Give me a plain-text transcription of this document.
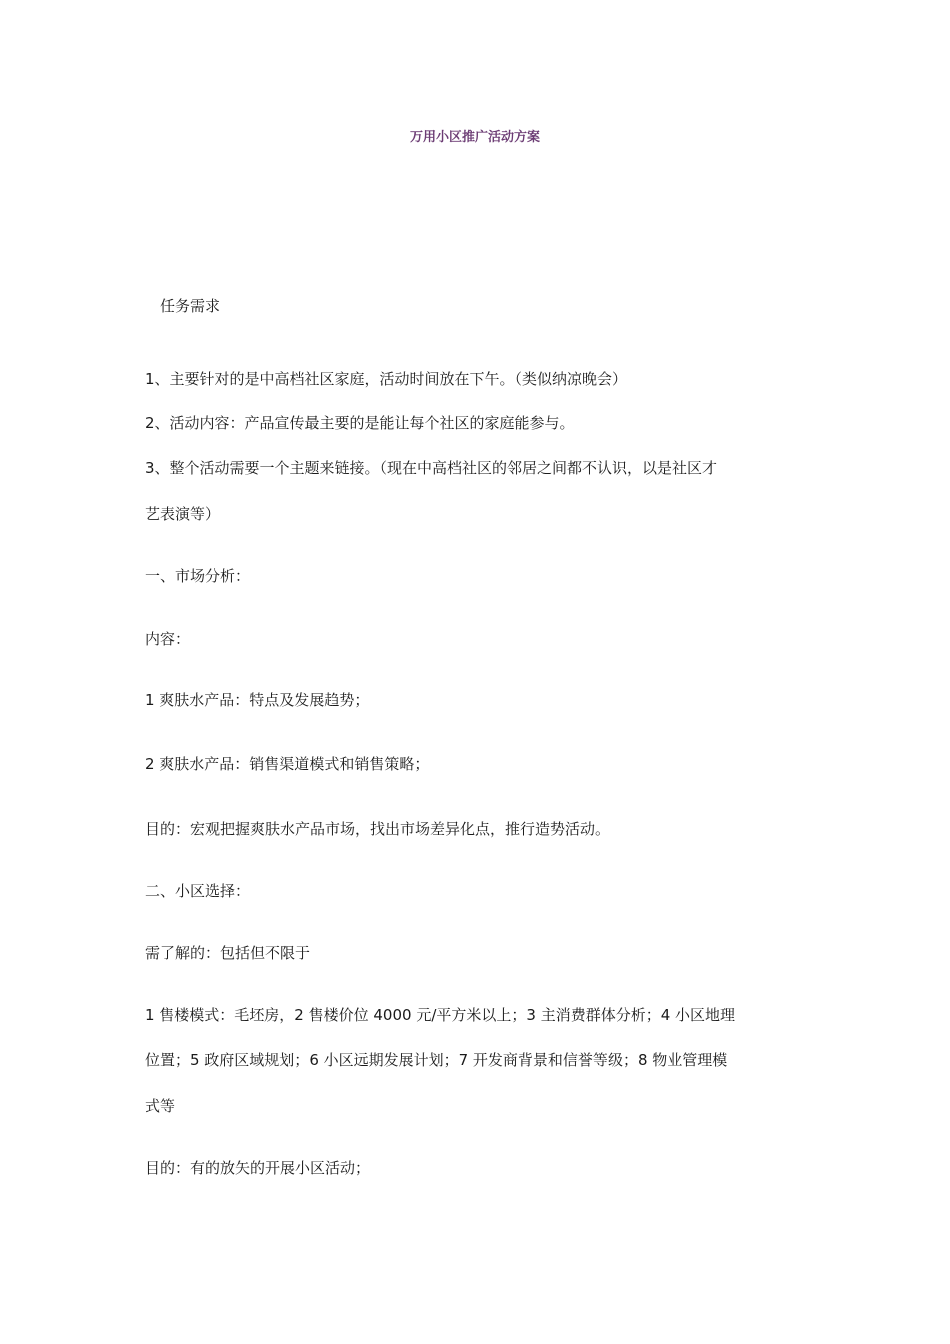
万用小区推广活动方案
任务需求
1、主要针对的是中高档社区家庭，活动时间放在下午。（类似纳凉晚会）
2、活动内容：产品宣传最主要的是能让每个社区的家庭能参与。
3、整个活动需要一个主题来链接。（现在中高档社区的邻居之间都不认识，以是社区才
艺表演等）
一、市场分析：
内容：
1 爽肤水产品：特点及发展趋势；
2 爽肤水产品：销售渠道模式和销售策略；
目的：宏观把握爽肤水产品市场，找出市场差异化点，推行造势活动。
二、小区选择：
需了解的：包括但不限于
1 售楼模式：毛坯房，2 售楼价位 4000 元/平方米以上；3 主消费群体分析；4 小区地理
位置；5 政府区域规划；6 小区远期发展计划；7 开发商背景和信誉等级；8 物业管理模
式等
目的：有的放矢的开展小区活动；
